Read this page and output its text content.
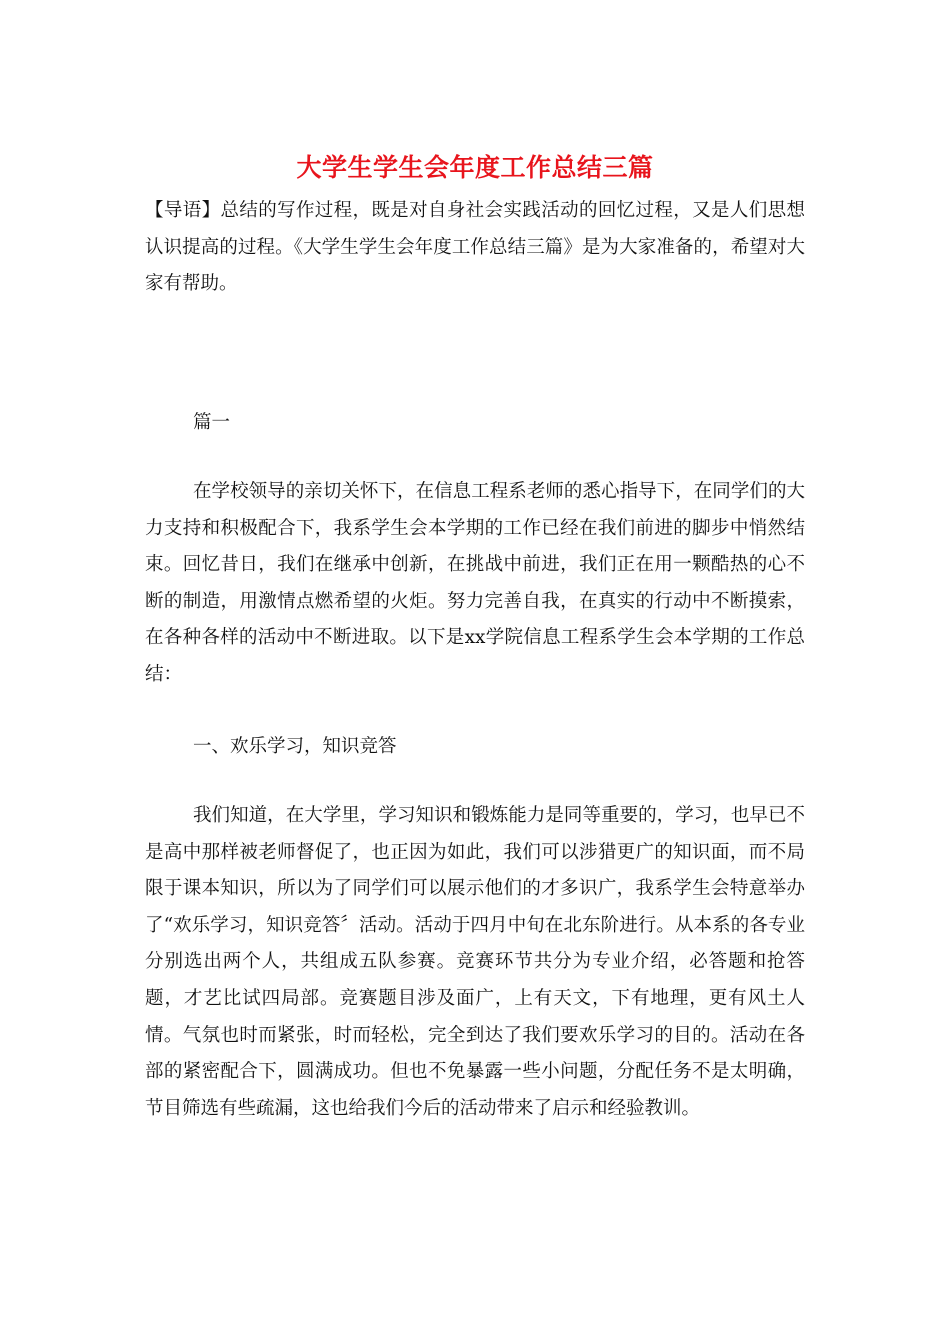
大学生学生会年度工作总结三篇

【导语】总结的写作过程，既是对自身社会实践活动的回忆过程，又是人们思想认识提高的过程。《大学生学生会年度工作总结三篇》是为大家准备的，希望对大家有帮助。

篇一

在学校领导的亲切关怀下，在信息工程系老师的悉心指导下，在同学们的大力支持和积极配合下，我系学生会本学期的工作已经在我们前进的脚步中悄然结束。回忆昔日，我们在继承中创新，在挑战中前进，我们正在用一颗酷热的心不断的制造，用激情点燃希望的火炬。努力完善自我，在真实的行动中不断摸索，在各种各样的活动中不断进取。以下是xx学院信息工程系学生会本学期的工作总结：

一、欢乐学习，知识竞答

我们知道，在大学里，学习知识和锻炼能力是同等重要的，学习，也早已不是高中那样被老师督促了，也正因为如此，我们可以涉猎更广的知识面，而不局限于课本知识，所以为了同学们可以展示他们的才多识广，我系学生会特意举办了“欢乐学习，知识竞答〞活动。活动于四月中旬在北东阶进行。从本系的各专业分别选出两个人，共组成五队参赛。竞赛环节共分为专业介绍，必答题和抢答题，才艺比试四局部。竞赛题目涉及面广，上有天文，下有地理，更有风土人情。气氛也时而紧张，时而轻松，完全到达了我们要欢乐学习的目的。活动在各部的紧密配合下，圆满成功。但也不免暴露一些小问题，分配任务不是太明确，节目筛选有些疏漏，这也给我们今后的活动带来了启示和经验教训。
